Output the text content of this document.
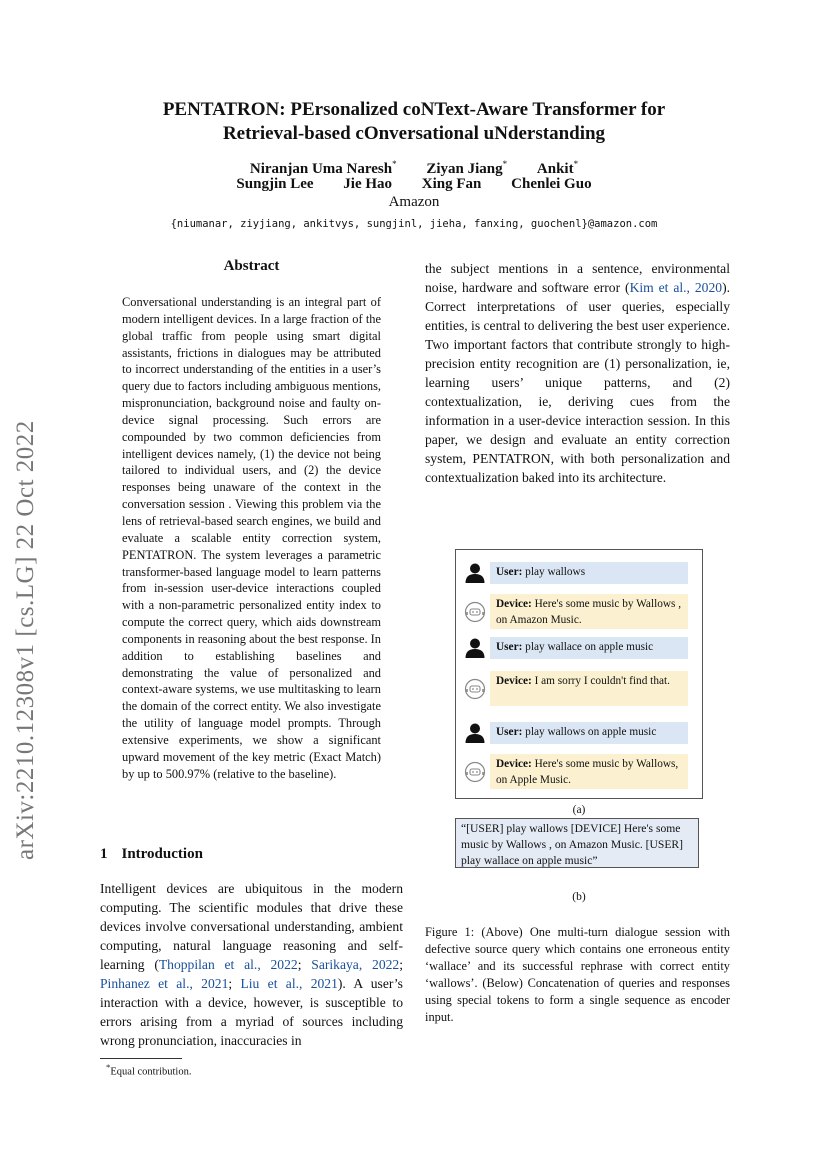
PENTATRON: PErsonalized coNText-Aware Transformer for
Retrieval-based cOnversational uNderstanding
Niranjan Uma Naresh* Ziyan Jiang* Ankit*
Sungjin Lee Jie Hao Xing Fan Chenlei Guo
Amazon
{niumanar, ziyjiang, ankitvys, sungjinl, jieha, fanxing, guochenl}@amazon.com
arXiv:2210.12308v1 [cs.LG] 22 Oct 2022
Abstract
Conversational understanding is an integral part of modern intelligent devices. In a large fraction of the global traffic from people using smart digital assistants, frictions in dialogues may be attributed to incorrect understanding of the entities in a user’s query due to factors including ambiguous mentions, mispronunciation, background noise and faulty on-device signal processing. Such errors are compounded by two common deficiencies from intelligent devices namely, (1) the device not being tailored to individual users, and (2) the device responses being unaware of the context in the conversation session . Viewing this problem via the lens of retrieval-based search engines, we build and evaluate a scalable entity correction system, PENTATRON. The system leverages a parametric transformer-based language model to learn patterns from in-session user-device interactions coupled with a non-parametric personalized entity index to compute the correct query, which aids downstream components in reasoning about the best response. In addition to establishing baselines and demonstrating the value of personalized and context-aware systems, we use multitasking to learn the domain of the correct entity. We also investigate the utility of language model prompts. Through extensive experiments, we show a significant upward movement of the key metric (Exact Match) by up to 500.97% (relative to the baseline).
1 Introduction
Intelligent devices are ubiquitous in the modern computing. The scientific modules that drive these devices involve conversational understanding, ambient computing, natural language reasoning and self-learning (Thoppilan et al., 2022; Sarikaya, 2022; Pinhanez et al., 2021; Liu et al., 2021). A user’s interaction with a device, however, is susceptible to errors arising from a myriad of sources including wrong pronunciation, inaccuracies in
the subject mentions in a sentence, environmental noise, hardware and software error (Kim et al., 2020). Correct interpretations of user queries, especially entities, is central to delivering the best user experience. Two important factors that contribute strongly to high-precision entity recognition are (1) personalization, ie, learning users’ unique patterns, and (2) contextualization, ie, deriving cues from the information in a user-device interaction session. In this paper, we design and evaluate an entity correction system, PENTATRON, with both personalization and contextualization baked into its architecture.
User: play wallows
Device: Here's some music by Wallows , on Amazon Music.
User: play wallace on apple music
Device: I am sorry I couldn't find that.
User: play wallows on apple music
Device: Here's some music by Wallows, on Apple Music.
(a)
“[USER] play wallows [DEVICE] Here's some music by Wallows , on Amazon Music. [USER] play wallace on apple music”
(b)
Figure 1: (Above) One multi-turn dialogue session with defective source query which contains one erroneous entity ‘wallace’ and its successful rephrase with correct entity ‘wallows’. (Below) Concatenation of queries and responses using special tokens to form a single sequence as encoder input.
*Equal contribution.
